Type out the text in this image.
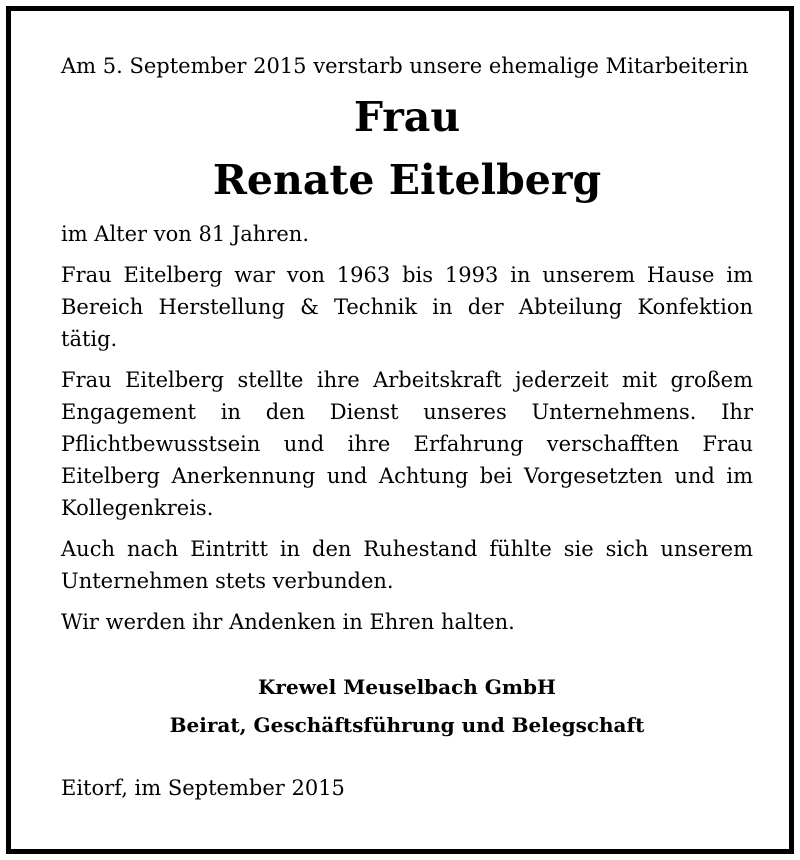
Am 5. September 2015 verstarb unsere ehemalige Mitarbeiterin

Frau
Renate Eitelberg

im Alter von 81 Jahren.

Frau Eitelberg war von 1963 bis 1993 in unserem Hause im Bereich Herstellung & Technik in der Abteilung Konfektion tätig.

Frau Eitelberg stellte ihre Arbeitskraft jederzeit mit großem Engagement in den Dienst unseres Unternehmens. Ihr Pflichtbewusstsein und ihre Erfahrung verschafften Frau Eitelberg Anerkennung und Achtung bei Vorgesetzten und im Kollegenkreis.

Auch nach Eintritt in den Ruhestand fühlte sie sich unserem Unternehmen stets verbunden.

Wir werden ihr Andenken in Ehren halten.

Krewel Meuselbach GmbH
Beirat, Geschäftsführung und Belegschaft

Eitorf, im September 2015
